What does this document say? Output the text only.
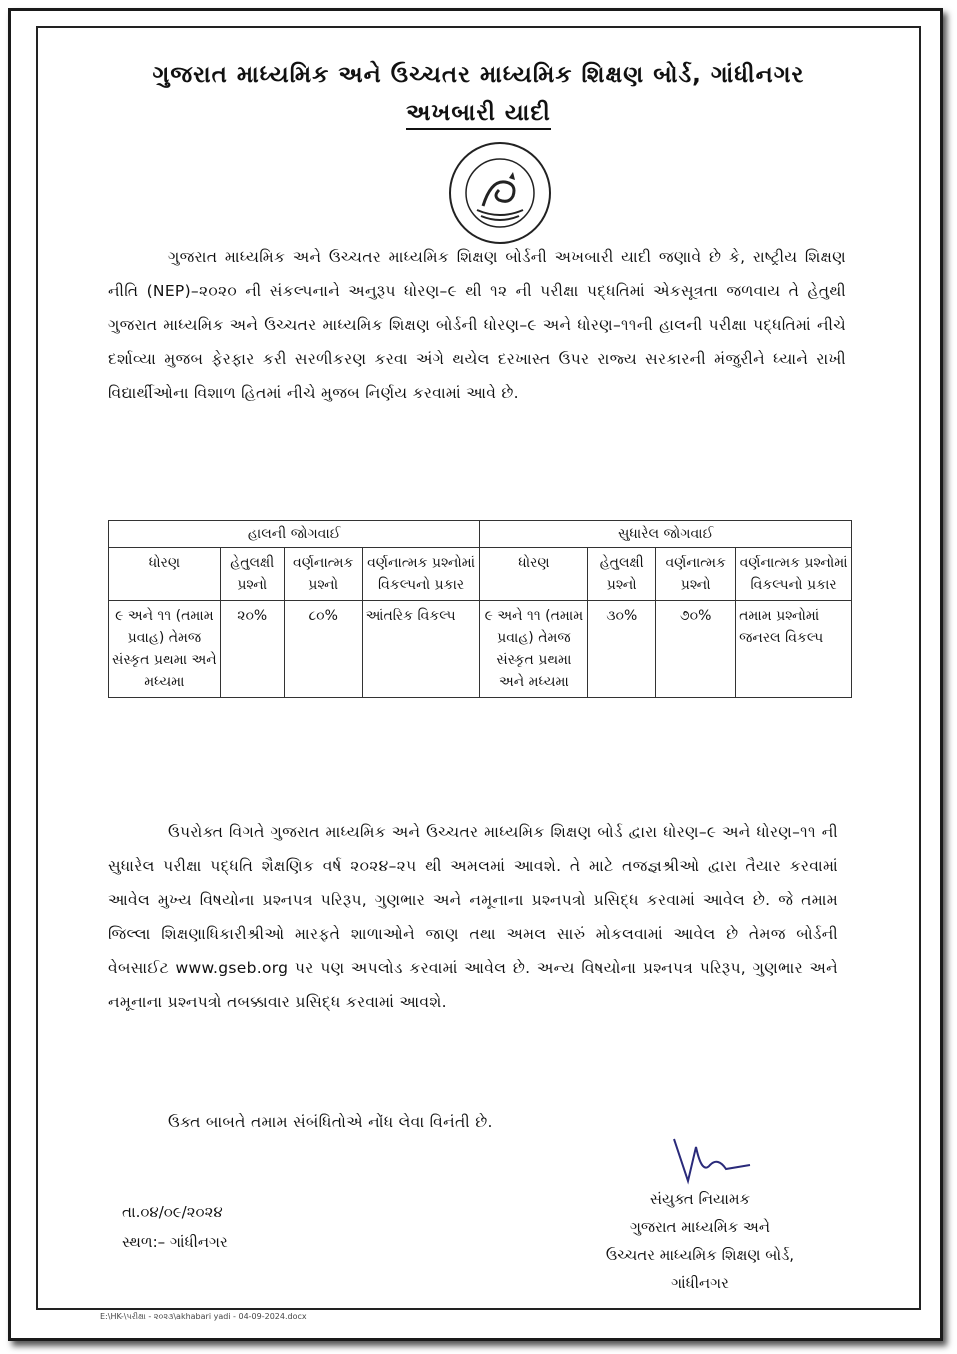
ગુજરાત માધ્યમિક અને ઉચ્ચતર માધ્યમિક શિક્ષણ બોર્ડ, ગાંધીનગર
અખબારી યાદી
ગુજરાત માધ્યમિક અને ઉચ્ચતર માધ્યમિક શિક્ષણ બોર્ડની અખબારી યાદી જણાવે છે કે, રાષ્ટ્રીય શિક્ષણ નીતિ (NEP)–૨૦૨૦ ની સંકલ્પનાને અનુરૂપ ધોરણ–૯ થી ૧૨ ની પરીક્ષા પદ્ધતિમાં એકસૂત્રતા જળવાય તે હેતુથી ગુજરાત માધ્યમિક અને ઉચ્ચતર માધ્યમિક શિક્ષણ બોર્ડની ધોરણ–૯ અને ધોરણ–૧૧ની હાલની પરીક્ષા પદ્ધતિમાં નીચે દર્શાવ્યા મુજબ ફેરફાર કરી સરળીકરણ કરવા અંગે થયેલ દરખાસ્ત ઉપર રાજ્ય સરકારની મંજુરીને ધ્યાને રાખી વિદ્યાર્થીઓના વિશાળ હિતમાં નીચે મુજબ નિર્ણય કરવામાં આવે છે.
હાલની જોગવાઈ				સુધારેલ જોગવાઈ			
ધોરણ	હેતુલક્ષી પ્રશ્નો	વર્ણનાત્મક પ્રશ્નો	વર્ણનાત્મક પ્રશ્નોમાં વિકલ્પનો પ્રકાર	ધોરણ	હેતુલક્ષી પ્રશ્નો	વર્ણનાત્મક પ્રશ્નો	વર્ણનાત્મક પ્રશ્નોમાં વિકલ્પનો પ્રકાર
૯ અને ૧૧ (તમામ પ્રવાહ) તેમજ સંસ્કૃત પ્રથમા અને મધ્યમા	૨૦%	૮૦%	આંતરિક વિકલ્પ	૯ અને ૧૧ (તમામ પ્રવાહ) તેમજ સંસ્કૃત પ્રથમા અને મધ્યમા	૩૦%	૭૦%	તમામ પ્રશ્નોમાં જનરલ વિકલ્પ
ઉપરોક્ત વિગતે ગુજરાત માધ્યમિક અને ઉચ્ચતર માધ્યમિક શિક્ષણ બોર્ડ દ્વારા ધોરણ–૯ અને ધોરણ–૧૧ ની સુધારેલ પરીક્ષા પદ્ધતિ શૈક્ષણિક વર્ષ ૨૦૨૪–૨૫ થી અમલમાં આવશે. તે માટે તજજ્ઞશ્રીઓ દ્વારા તૈયાર કરવામાં આવેલ મુખ્ય વિષયોના પ્રશ્નપત્ર પરિરૂપ, ગુણભાર અને નમૂનાના પ્રશ્નપત્રો પ્રસિદ્ધ કરવામાં આવેલ છે. જે તમામ જિલ્લા શિક્ષણાધિકારીશ્રીઓ મારફતે શાળાઓને જાણ તથા અમલ સારું મોકલવામાં આવેલ છે તેમજ બોર્ડની વેબસાઈટ www.gseb.org પર પણ અપલોડ કરવામાં આવેલ છે. અન્ય વિષયોના પ્રશ્નપત્ર પરિરૂપ, ગુણભાર અને નમૂનાના પ્રશ્નપત્રો તબક્કાવાર પ્રસિદ્ધ કરવામાં આવશે.
ઉક્ત બાબતે તમામ સંબંધિતોએ નોંધ લેવા વિનંતી છે.
તા.૦૪/૦૯/૨૦૨૪
સ્થળ:– ગાંધીનગર
સંયુક્ત નિયામક
ગુજરાત માધ્યમિક અને
ઉચ્ચતર માધ્યમિક શિક્ષણ બોર્ડ,
ગાંધીનગર
E:\HK-\પરીક્ષા - ૨૦૨૩\akhabari yadi - 04-09-2024.docx
